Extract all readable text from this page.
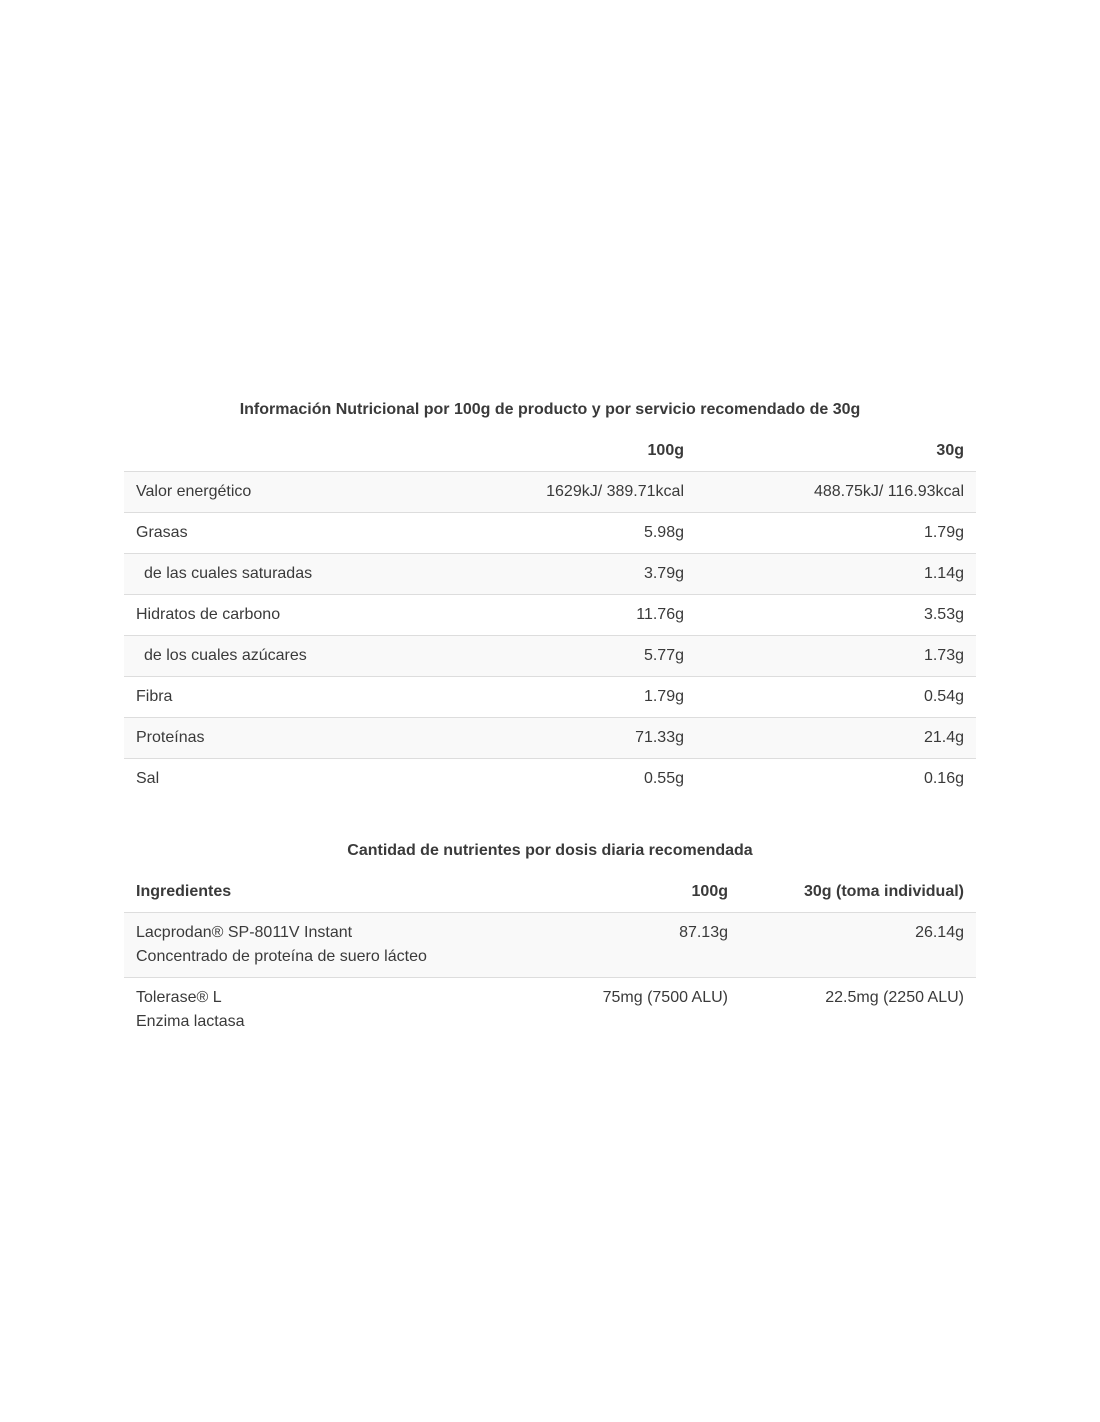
Información Nutricional por 100g de producto y por servicio recomendado de 30g
	100g	30g
Valor energético	1629kJ/ 389.71kcal	488.75kJ/ 116.93kcal
Grasas	5.98g	1.79g
de las cuales saturadas	3.79g	1.14g
Hidratos de carbono	11.76g	3.53g
de los cuales azúcares	5.77g	1.73g
Fibra	1.79g	0.54g
Proteínas	71.33g	21.4g
Sal	0.55g	0.16g
Cantidad de nutrientes por dosis diaria recomendada
Ingredientes	100g	30g (toma individual)

Lacprodan® SP-8011V Instant
Concentrado de proteína de suero lácteo	87.13g	26.14g

Tolerase® L
Enzima lactasa	75mg (7500 ALU)	22.5mg (2250 ALU)
